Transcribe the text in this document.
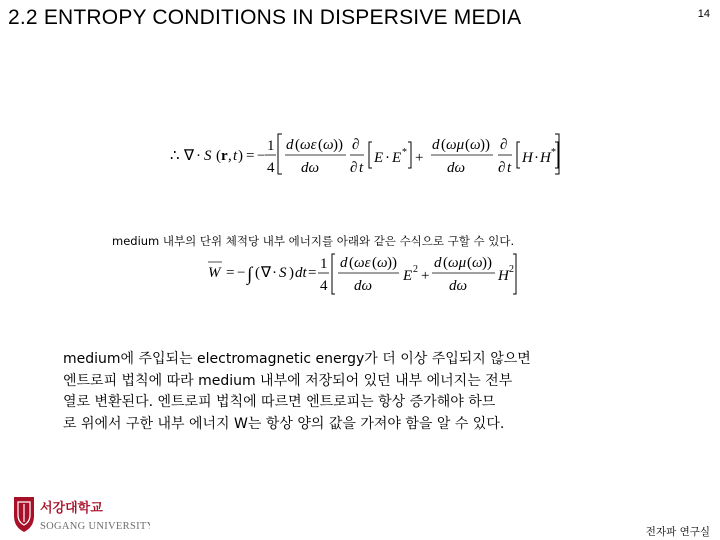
2.2 ENTROPY CONDITIONS IN DISPERSIVE MEDIA	14
∴ ∇ · S ( r , t ) = −
1
4
d ( ωε ( ω ))
dω
∂
∂ t
E · E * +
d ( ωμ ( ω ))
dω
∂
∂ t
H · H *
medium 내부의 단위 체적당 내부 에너지를 아래와 같은 수식으로 구할 수 있다.
W = − ∫ ( ∇ · S ) dt =
1
4
d ( ωε ( ω ))
dω
E 2 +
d ( ωμ ( ω ))
dω
H 2

medium에 주입되는 electromagnetic energy가 더 이상 주입되지 않으면

엔트로피 법칙에 따라 medium 내부에 저장되어 있던 내부 에너지는 전부

열로 변환된다. 엔트로피 법칙에 따르면 엔트로피는 항상 증가해야 하므

로 위에서 구한 내부 에너지 W는 항상 양의 값을 가져야 함을 알 수 있다.

서강대학교
SOGANG UNIVERSITY	전자파 연구실
